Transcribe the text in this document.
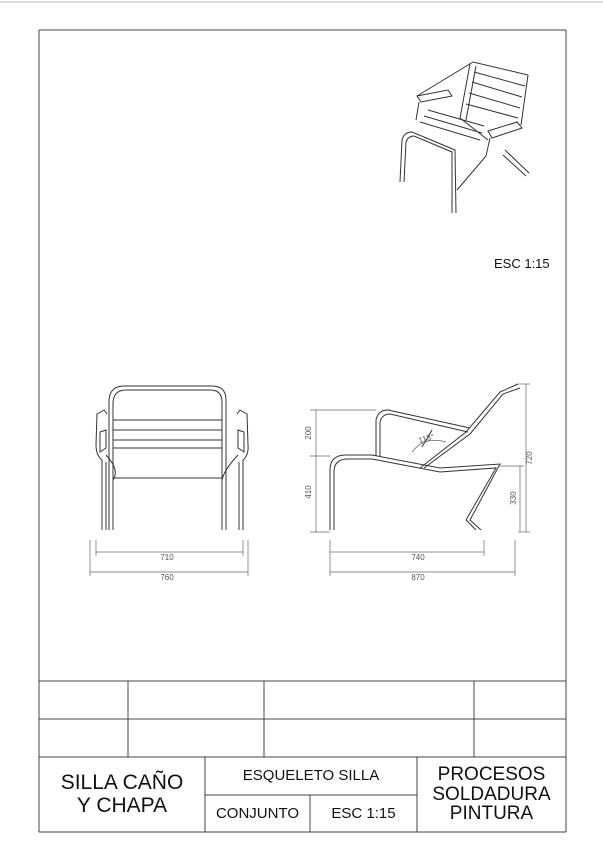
710
760
740
870
200
410
720
330
113°
ESC 1:15
SILLA CAÑO
Y CHAPA
ESQUELETO SILLA
CONJUNTO	ESC 1:15
PROCESOS
SOLDADURA
PINTURA
